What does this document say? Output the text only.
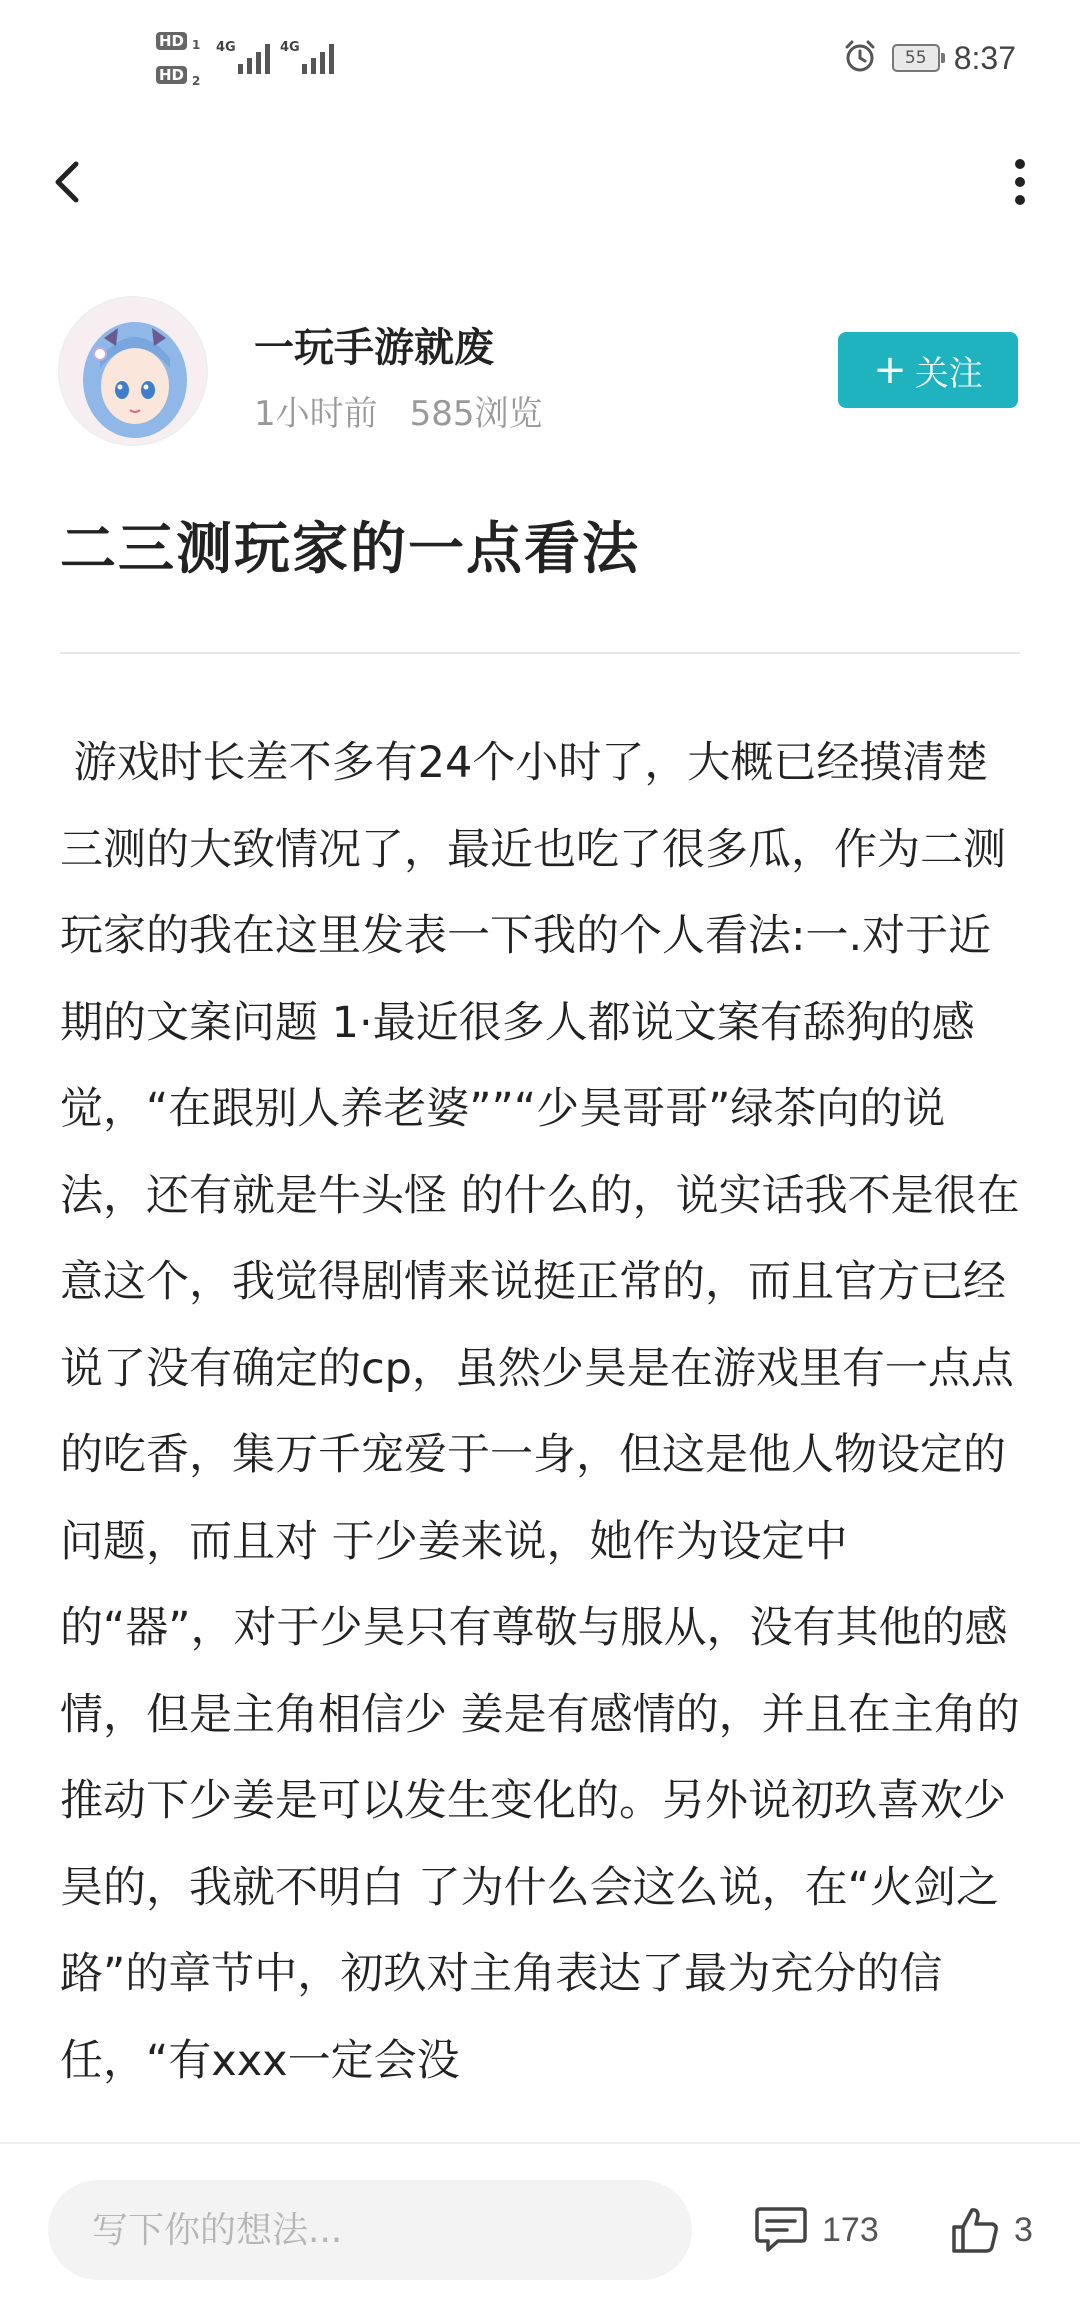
HD 1
HD 2
4G	4G
55 8:37
一玩手游就废
1小时前 585浏览
+ 关注
二三测玩家的一点看法

游戏时长差不多有24个小时了，大概已经摸清楚三测的大致情况了，最近也吃了很多瓜，作为二测 玩家的我在这里发表一下我的个人看法:一.对于近期的文案问题 1·最近很多人都说文案有舔狗的感觉，“在跟别人养老婆””“少昊哥哥”绿茶向的说法，还有就是牛头怪 的什么的，说实话我不是很在意这个，我觉得剧情来说挺正常的，而且官方已经说了没有确定的cp，虽然少昊是在游戏里有一点点的吃香，集万千宠爱于一身，但这是他人物设定的问题，而且对 于少姜来说，她作为设定中的“器”，对于少昊只有尊敬与服从，没有其他的感情，但是主角相信少 姜是有感情的，并且在主角的推动下少姜是可以发生变化的。另外说初玖喜欢少昊的，我就不明白 了为什么会这么说，在“火剑之路”的章节中，初玖对主角表达了最为充分的信任，“有xxx一定会没

写下你的想法...
173	3
